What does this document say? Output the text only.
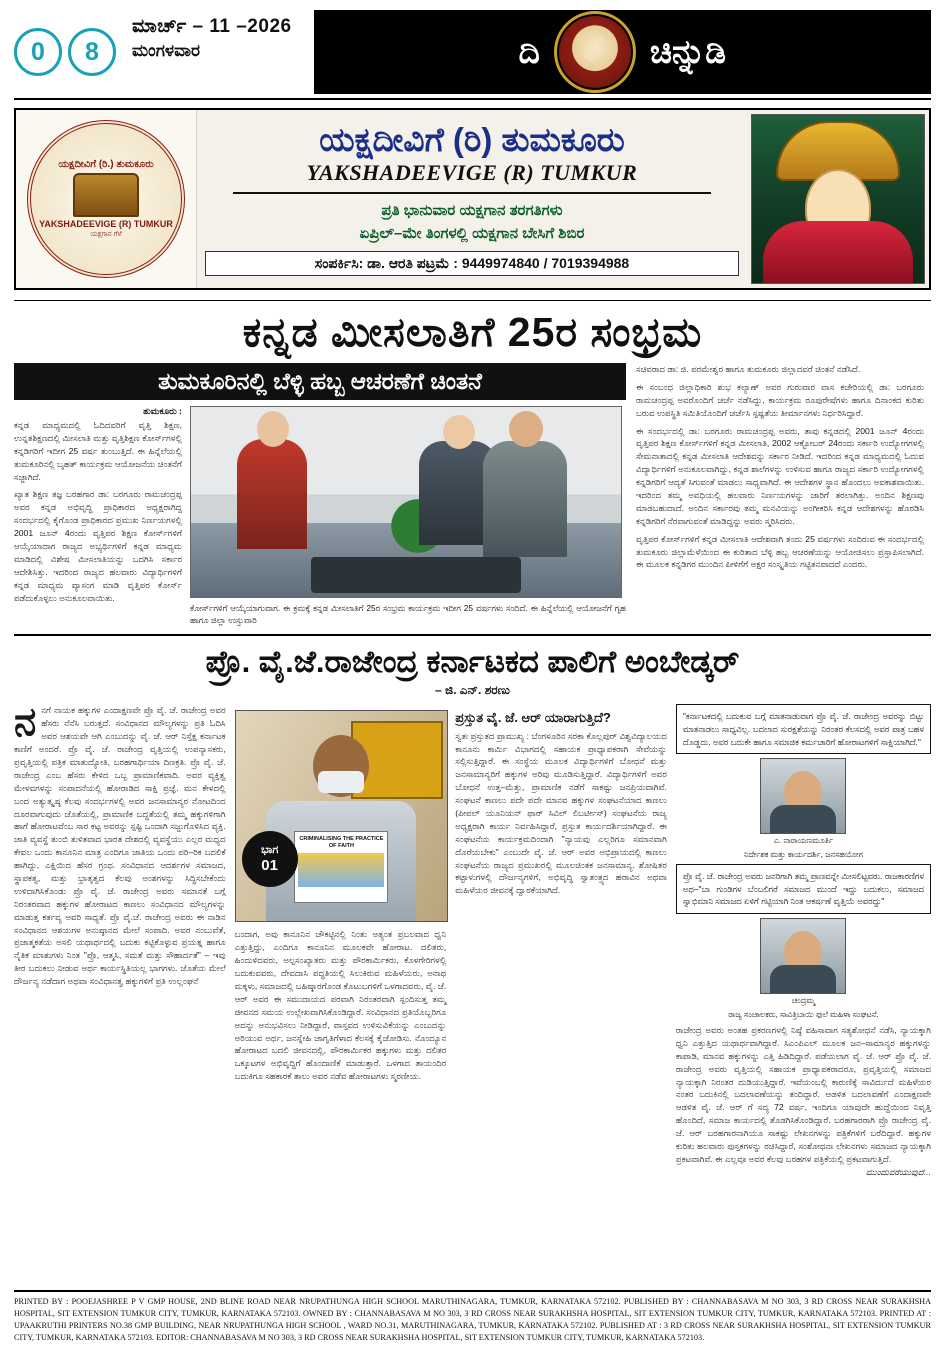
0	8
ಮಾರ್ಚ್ – 11 –2026
ಮಂಗಳವಾರ	ದಿ ✐ ಚಿನ್ನುಡಿ
ಯಕ್ಷದೀವಿಗೆ (ರಿ.) ತುಮಕೂರು
YAKSHADEEVIGE (R) TUMKUR
ಯಕ್ಷಗಾನ ಗೆಳೆ
ಯಕ್ಷದೀವಿಗೆ (ರಿ) ತುಮಕೂರು
YAKSHADEEVIGE (R) TUMKUR
ಪ್ರತಿ ಭಾನುವಾರ ಯಕ್ಷಗಾನ ತರಗತಿಗಳು
ಏಪ್ರಿಲ್–ಮೇ ತಿಂಗಳಲ್ಲಿ ಯಕ್ಷಗಾನ ಬೇಸಿಗೆ ಶಿಬಿರ
ಸಂಪರ್ಕಿಸಿ: ಡಾ. ಆರತಿ ಪಟ್ರಮೆ : 9449974840 / 7019394988
ಕನ್ನಡ ಮೀಸಲಾತಿಗೆ 25ರ ಸಂಭ್ರಮ
ತುಮಕೂರಿನಲ್ಲಿ ಬೆಳ್ಳಿ ಹಬ್ಬ ಆಚರಣೆಗೆ ಚಿಂತನೆ
ತುಮಕೂರು :
ಕನ್ನಡ ಮಾಧ್ಯಮದಲ್ಲಿ ಓದಿದವರಿಗೆ ವೃತ್ತಿ ಶಿಕ್ಷಣ, ಉನ್ನತಶಿಕ್ಷಣದಲ್ಲಿ ಮೀಸಲಾತಿ ಮತ್ತು ವೃತ್ತಿಶಿಕ್ಷಣ ಕೋರ್ಸ್‌ಗಳಲ್ಲಿ ಕನ್ನಡಿಗರಿಗೆ ಇದೀಗ 25 ವರ್ಷ ತುಂಬುತ್ತಿದೆ. ಈ ಹಿನ್ನೆಲೆಯಲ್ಲಿ ತುಮಕೂರಿನಲ್ಲಿ ಬೃಹತ್ ಕಾರ್ಯಕ್ರಮ ಆಯೋಜನೆಯ ಚಿಂತನೆಗೆ ಸಜ್ಜಾಗಿದೆ.
ಖ್ಯಾತ ಶಿಕ್ಷಣ ತಜ್ಞ ಬರಹಗಾರ ಡಾ: ಬರಗೂರು ರಾಮಚಂದ್ರಪ್ಪ ಅವರ ಕನ್ನಡ ಅಭಿವೃದ್ಧಿ ಪ್ರಾಧಿಕಾರದ ಅಧ್ಯಕ್ಷರಾಗಿದ್ದ ಸಂದರ್ಭದಲ್ಲಿ ಕೈಗೊಂಡ ಪ್ರಾಧಿಕಾರದ ಪ್ರಮುಖ ನಿರ್ಣಯಗಳಲ್ಲಿ 2001 ಜೂನ್ 4ರಂದು ವೃತ್ತಿಪರ ಶಿಕ್ಷಣ ಕೋರ್ಸ್‌ಗಳಿಗೆ ಆಯ್ಕೆಯಾದಾಗ ರಾಜ್ಯದ ಅಭ್ಯರ್ಥಿಗಳಿಗೆ ಕನ್ನಡ ಮಾಧ್ಯಮ ಮಾಡಿದಲ್ಲಿ ವಿಶೇಷ ಮೀಸಲಾತಿಯನ್ನು ಒದಗಿಸಿ ಸರ್ಕಾರ ಆದೇಶಿಸಿತ್ತು. ಇದರಿಂದ ರಾಜ್ಯದ ಹಲವಾರು ವಿದ್ಯಾರ್ಥಿಗಳಿಗೆ ಕನ್ನಡ ಮಾಧ್ಯಮ ವ್ಯಾಸಂಗ ಮಾಡಿ ವೃತ್ತಿಪರ ಕೋರ್ಸ್ ಪಡೆದುಕೊಳ್ಳಲು ಅನುಕೂಲವಾಯಿತು.
ಕೋರ್ಸ್‌ಗಳಿಗೆ ಆಯ್ಕೆಯಾಗುವಾಗ. ಈ ಕ್ರಮಕ್ಕೆ ಕನ್ನಡ ಮೀಸಲಾತಿಗೆ 25ರ ಸಂಭ್ರಮ ಕಾರ್ಯಕ್ರಮ ಇದೀಗ 25 ವರ್ಷಗಳು ಸಂದಿದೆ. ಈ ಹಿನ್ನೆಲೆಯಲ್ಲಿ ಆಯೋಜನೆಗೆ ಗೃಹ ಹಾಗೂ ಜಿಲ್ಲಾ ಉಸ್ತುವಾರಿ
ಸಚಿವರಾದ ಡಾ: ಜಿ. ಪರಮೇಶ್ವರ ಹಾಗೂ ತುಮಕೂರು ಜಿಲ್ಲಾದವರೆ ಚಿಂತನೆ ನಡೆಸಿದೆ.
ಈ ಸಂಬಂಧ ಜಿಲ್ಲಾಧಿಕಾರಿ ಶುಭ ಕಲ್ಯಾಣ್ ಅವರ ಗುರುವಾರ ವಾಸ ಕಚೇರಿಯಲ್ಲಿ ಡಾ: ಬರಗೂರು ರಾಮಚಂದ್ರಪ್ಪ ಅವರೊಂದಿಗೆ ಚರ್ಚೆ ನಡೆಸಿದ್ದು, ಕಾರ್ಯಕ್ರಮ ರೂಪುರೇಷೆಗಳು ಹಾಗೂ ದಿನಾಂಕದ ಕುರಿತು ಬರುವ ಉಪಸ್ಥಿತಿ ಸಮಿತಿಯೊಂದಿಗೆ ಚರ್ಚೆಸಿ ಸ್ಪಷ್ಟತೆಯ ತೀರ್ಮಾನಗಳು ನಿರ್ಧರಿಸಿದ್ದಾರೆ.
ಈ ಸಂದರ್ಭದಲ್ಲಿ ಡಾ: ಬರಗೂರು ರಾಮಚಂದ್ರಪ್ಪ ಅವರು, ತಾವು ಕನ್ನಡದಲ್ಲಿ 2001 ಜೂನ್ 4ರಂದು ವೃತ್ತಿಪರ ಶಿಕ್ಷಣ ಕೋರ್ಸ್‌ಗಳಿಗೆ ಕನ್ನಡ ಮೀಸಲಾತಿ, 2002 ಆಕ್ಟೋಬರ್ 24ರಂದು ಸರ್ಕಾರಿ ಉದ್ಯೋಗಗಳಲ್ಲಿ ಸೇಮನಾತಾದಲ್ಲಿ ಕನ್ನಡ ಮೀಸಲಾತಿ ಆದೇಶವನ್ನು ಸರ್ಕಾರ ನೀಡಿದೆ. ಇದರಿಂದ ಕನ್ನಡ ಮಾಧ್ಯಮದಲ್ಲಿ ಓದುವ ವಿದ್ಯಾರ್ಥಿಗಳಿಗೆ ಅನುಕೂಲವಾಗಿದ್ದು, ಕನ್ನಡ ಶಾಲೆಗಳನ್ನು ಉಳಿಸುವ ಹಾಗೂ ರಾಜ್ಯದ ಸರ್ಕಾರಿ ಉದ್ಯೋಗಗಳಲ್ಲಿ ಕನ್ನಡಿಗರಿಗೆ ಆದ್ಯತೆ ಸಿಗುವಂತೆ ಮಾಡಲು ಸಾಧ್ಯವಾಗಿದೆ. ಈ ಆದೇಶಗಳ ಸ್ಥಾನ ಹೊಂದಲು ಅವಕಾಶವಾಯಿತು. ಇದರಿಂದ ತಮ್ಮ ಅವಧಿಯಲ್ಲಿ ಹಲವಾರು ನಿರ್ಣಯಗಳನ್ನು ಜಾರಿಗೆ ತರಲಾಗಿತ್ತು. ಅಂದಿನ ಶಿಕ್ಷಣವು ಮಾಡಬಹುದಾದೆ. ಅಂದಿನ ಸರ್ಕಾರವು ತಮ್ಮ ಮನವಿಯನ್ನು ಅಂಗೀಕರಿಸಿ ಕನ್ನಡ ಆದೇಶಗಳನ್ನು ಹೊರಡಿಸಿ ಕನ್ನಡಿಗರಿಗೆ ನೆರವಾಗುವಂತೆ ಮಾಡಿದ್ದನ್ನು ಅವರು ಸ್ಮರಿಸಿದರು.
ವೃತ್ತಿಪರ ಕೋರ್ಸ್‌ಗಳಿಗೆ ಕನ್ನಡ ಮೀಸಲಾತಿ ಆದೇಶವಾಗಿ ತಂದು 25 ವರ್ಷಗಳು ಸಂದಿರುವ ಈ ಸಂದರ್ಭದಲ್ಲಿ ತುಮಕೂರು ಜಿಲ್ಲಾಮೆಳೆಯಿಂದ ಈ ಕುರಿತಾದ ಬೆಳ್ಳಿ ಹಬ್ಬ ಆಚರಣೆಯನ್ನು ಆಯೋಜಿಸಲು ಪ್ರಸ್ತಾಪಿಸಲಾಗಿದೆ. ಈ ಮೂಲಕ ಕನ್ನಡಿಗರ ಮುಂದಿನ ಪೀಳಿಗೆಗೆ ಅಕ್ಷರ ಸಂಸ್ಕೃತಿಯ ಗಟ್ಟಿತನವಾದದೆ ಎಂದರು.
ಪ್ರೊ. ವೈ.ಜೆ.ರಾಜೇಂದ್ರ ಕರ್ನಾಟಕದ ಪಾಲಿಗೆ ಅಂಬೇಡ್ಕರ್
– ಜಿ. ಎನ್. ಶರಣು
ನನಗೆ ನಾಯಕ ಹಕ್ಕುಗಳ ಎಂದಾಕ್ಷಣವೇ ಪ್ರೊ ವೈ. ಜೆ. ರಾಜೇಂದ್ರ ಅವರ ಹೆಸರು ನೆನೆಸಿ ಬರುತ್ತದೆ. ಸಂವಿಧಾನದ ಮೌಲ್ಯಗಳನ್ನು ಪ್ರತಿ ಓದಿಸಿ ಅವರ ಆಶಯವೇ ಆಗಿ ಎಂಬುದನ್ನು ವೈ. ಜೆ. ಆರ್ ನಿಸ್ತೆಕ್ಷ ಕರ್ನಾಟಕ ಕಾಣಿಗೆ ಅಂದರೆ. ಪ್ರೊ ವೈ. ಜೆ. ರಾಜೇಂದ್ರ ವೃತ್ತಿಯಲ್ಲಿ ಉಪನ್ಯಾಸಕರು, ಪ್ರವೃತ್ತಿಯಲ್ಲಿ ಪತ್ರಿಕ ಮಾತುದ್ಯೋತಿ, ಬರಹಗಾರ್ಥಿಯಾ ದಿಣಕ್ರತಿ. ಪ್ರೊ ವೈ. ಜೆ. ರಾಜೇಂದ್ರ ಎಂಬ ಹೆಸರು ಕೇಳಿದ ಒಬ್ಬ ಪ್ರಾಮಾಣಿಕವಾದಿ. ಅವರ ವ್ಯಕ್ತಿತ್ವ ಮೇಳವಗಳನ್ನು ಸಂಪಾದನೆಯಲ್ಲಿ ಹೋರಾಡಿದ ಸಾಕ್ಷಿ ಪ್ರಜ್ಞೆ. ಮನ ಕೇಳದಲ್ಲಿ ಬಂದ ಅತ್ಯುತ್ಕೃಷ್ಠ ಕೆಲವು ಸಂದರ್ಭಗಳಲ್ಲಿ ಅವರ ಜನಸಾಮಾನ್ಯರ ನೋಟದಿಂದ ದೂರವಾಗುವುದು ಜೊತೆಯಲ್ಲಿ, ಪ್ರಾಮಾಣಿಕ ಬದ್ಧತೆಯಲ್ಲಿ ತಮ್ಮ ಹಕ್ಕುಗಳಿಗಾಗಿ ಹಾಗೆ ಹೋರಾಟವೆಂಬ ಸಾರ ಕಟ್ಟ ಅವರನ್ನು ಸ್ಪಷ್ಟಿ ಒಂದಾಗಿ ಸಜ್ಜುಗೊಳಿಸಿದ ವ್ಯಕ್ತಿ. ಜಾತಿ ವ್ಯವಸ್ಥೆ ತುಂಬಿ ತುಳಿತವಾದ ಭಾರತ ದೇಶದಲ್ಲಿ ವ್ಯವಸ್ಥೆಯು ಎಲ್ಲರ ಮಧ್ಯದ ಕೇವಲ ಒಂದು ಕಾನೂನಿನ ಮಾತ್ರ ಎಂದಿಗೂ ಜಾತಿಯ ಒಂದು ಪರಿ–ರಿಕ ಬದಲಿಕೆ ಹಾಗಿದ್ದು, ಎಕ್ಷಿಯಿದ ಹೆಸರ ಗ್ರಂಥ. ಸಂವಿಧಾನದ ಆದರ್ಶಗಳ ಸಮಾಜದ, ಸ್ಥಾಪಕತ್ವ, ಮತ್ತು ಭ್ರಾತೃತ್ವದ ಕೆಲವು ಅಂಶಗಳನ್ನು ಸಿದ್ಧಿಸಬೇಕೆಂದು ಉಳಿದಾಗಿಸಿಕೊಂಡು ಪ್ರೊ ವೈ. ಜೆ. ರಾಜೇಂದ್ರ ಅವರು ಸಮಾನತೆ ಬಗ್ಗೆ ನಿರಂತರವಾದ ಹಕ್ಕುಗಳ ಹೋರಾಟದ ಕಾಣಲು ಸಂವಿಧಾನದ ಮೌಲ್ಯಗಳನ್ನು ಮಾಡುತ್ತ ಕರ್ತವ್ಯ ಅವರಿ ಸಾಧ್ಯತೆ. ಪ್ರೊ ವೈ.ಜೆ. ರಾಜೇಂದ್ರ ಅವರು ಈ ನಾಡಿನ ಸಂವಿಧಾನದ ಆಶಯಗಳ ಅನುಷ್ಠಾನದ ಮೇಲೆ ಸಂಪಾದಿ. ಅವರ ನಂಬುವೆತೆ, ಪ್ರಜಾತ್ಮಕತೆಯ ಅಸಲಿ ಯಥಾರ್ಥದಲ್ಲಿ ಬದುಕು ಕಟ್ಟಿಕೊಳ್ಳುವ ಪ್ರಯತ್ನ ಹಾಗೂ ನೈತಿಕ ಮಾತುಗಳು ನಿಂತ "ಪ್ರೊ, ಆತ್ಮಸಿ, ಸಮತೆ ಮತ್ತು ಸೌಹಾರ್ದತೆ" – ಇವು ತೀರ ಬದುಕಲು ನೀಡುವ ಅರ್ಥ ಕಾರ್ಯಸ್ಥಿತಿಯಲ್ಲ ಭಾಗಗಳು. ಜೊತೆಯ ಮೇಲೆ ದೌರ್ಜನ್ಯ ನಡೆದಾಗ ಅಥವಾ ಸಂವಿಧಾನತ್ವ ಹಕ್ಕುಗಳಿಗೆ ಪ್ರತಿ ಉಲ್ಲಂಘನೆ
CRIMINALISING THE PRACTICE OF FAITH
ಭಾಗ
01
ಬಂದಾಗ, ಅವು ಕಾನೂನಿನ ಚೌಕಟ್ಟಿನಲ್ಲಿ ನಿಂತು ಅತ್ಯಂತ ಪ್ರಬಲವಾದ ಧ್ವನಿ ಎತ್ತುತ್ತಿದ್ದು, ಎಂದಿಗೂ ಕಾನೂನಿನ ಮೂಲಕವೇ ಹೋರಾಟ. ದಲಿತರು, ಹಿಂದುಳಿದವರು, ಅಲ್ಪಸಂಖ್ಯಾತರು ಮತ್ತು ಪೌರಕಾರ್ಮಿಕರು, ಕೊಳಗೇರಿಗಳಲ್ಲಿ ಬದುಕುವವರು, ದೇವದಾಸಿ ಪದ್ಧತಿಯಲ್ಲಿ ಸಿಲುಕಿರುವ ಮಹಿಳೆಯರು, ಅನಾಥ ಮಕ್ಕಳು, ಸಮಾಜದಲ್ಲಿ ಬಹಿಷ್ಕಾರಗೊಂಡ ಕೊಟುಬಗಳಿಗೆ ಒಳಗಾದವರು, ವೈ. ಜೆ. ಆರ್ ಅವರ ಈ ಸಮುದಾಯದ ಪರವಾಗಿ ನಿರಂತರವಾಗಿ ಸ್ಪಂದಿಸುತ್ತ ತಮ್ಮ ಜೀವನದ ಸಮಯ ಉಲ್ಲೇಖವಾಗಿಸಿಕೊಂಡಿದ್ದಾರೆ. ಸಂವಿಧಾನದ ಪ್ರತಿಯೊಬ್ಬರಿಗೂ ಅದನ್ನು ಅನುಭವಿಸಲು ನೀಡಿದ್ದಾರೆ, ವಾಸ್ತವದ ಉಳಿಸುವಿಕೆಯನ್ನು ಎಂಬುದನ್ನು ಅರಿಯುವ ಅರ್ಥ, ಜನಸ್ನೇಹಿ ಜಾಗೃತಿಗೆಳಾದ ಕೆಲಸಕ್ಕೆ ಕೈಜೋಡಿಸು. ನೊಂದ್ಯೂನ ಹೋರಾಟದ ಬದಲಿ ಜೀವನದಲ್ಲಿ, ಪೌರಕಾರ್ಮಿಕರ ಹಕ್ಕುಗಳು ಮತ್ತು ದಲಿತರ ಒಕ್ಕೂಟಗಳ ಅಭಿವೃದ್ಧಿಗೆ ಹೊಂದಾಣಿಕೆ ಮಾಡುತ್ತಾರೆ. ಒಳಗಾದ ತಾಯಂದಿರ ಬದುಕಿಗೂ ಸಹಕಾರಕೆ ತಾಲು ಅವರ ನಡೆವ ಹೋರಾಟಗಳು ಸ್ಮರಣೀಯ.
ಪ್ರಸ್ತುತ ವೈ. ಜೆ. ಆರ್ ಯಾರಾಗುತ್ತಿದೆ?
ಸ್ವತಃ ಪ್ರಸ್ತುತದ ಪ್ರಾಮುಖ್ಯ : ಬೆಂಗಳೂರಿನ ಸರಕಾ ಕೊಲ್ಲಪುರ್ ವಿಶ್ವವಿದ್ಯಾಲಯದ ಕಾನೂನು ಕಾರ್ಮಿ ವಿಭಾಗದಲ್ಲಿ ಸಹಾಯಕ ಪ್ರಾಧ್ಯಾಪಕರಾಗಿ ಸೇವೆಯನ್ನು ಸಲ್ಲಿಸುತ್ತಿದ್ದಾರೆ. ಈ ಸಂಸ್ಥೆಯ ಮೂಲಕ ವಿದ್ಯಾರ್ಥಿಗಳಿಗೆ ಬೋಧನೆ ಮತ್ತು ಜನಸಾಮಾನ್ಯರಿಗೆ ಹಕ್ಕುಗಳ ಅರಿವು ಮೂಡಿಸುತ್ತಿದ್ದಾರೆ. ವಿದ್ಯಾರ್ಥಿಗಳಿಗೆ ಅವರ ಬೋಧನೆ ಉತ್ತ–ಮೆತ್ತು, ಪ್ರಾಮಾಣಿಕ ನಡೆಗೆ ಸಾಕಷ್ಟು ಜನಪ್ರಿಯವಾಗಿವೆ. ಸಂಘಟನೆ ಕಾಣಲು ಪದೇ ಪದೇ ಮಾನವ ಹಕ್ಕುಗಳ ಸಂಘಟನೆಯಾದ ಕಾಣಲು (ಪೀಪಲ್ ಯೂನಿಯನ್ ಫಾರ್ ಸಿವಿಲ್ ಲಿಬರ್ಟೀಸ್) ಸಂಘಟನೆಯ ರಾಜ್ಯ ಅಧ್ಯಕ್ಷರಾಗಿ ಕಾರ್ಯ ನಿರ್ವಹಿಸಿದ್ದಾರೆ, ಪ್ರಸ್ತುತ ಕಾರ್ಯದರ್ಶಿಯಾಗಿದ್ದಾರೆ. ಈ ಸಂಘಟನೆಯ ಕಾರ್ಯಕ್ರಮದಿಂದಾಗಿ "ನ್ಯಾಯವು ಎಲ್ಲರಿಗೂ ಸಮಾನವಾಗಿ ದೊರೆಯಬೇಕು" ಎಂಬುದೇ ವೈ. ಜೆ. ಆರ್ ಅವರ ಅಭಿಪ್ರಾಯದಲ್ಲಿ ಕಾಣಲು ಸಂಘಟನೆಯ ರಾಜ್ಯದ ಪ್ರಮುಖರಲ್ಲಿ ಮೂಲಚಿಂತಕ ಜನಸಾಮಾನ್ಯ. ಶೋಷಿತರ ಕಟ್ಟಾಳುಗಳಲ್ಲಿ ದೌರ್ಜನ್ಯಗಳಿಗೆ, ಅಭಿವೃದ್ಧಿ ಸ್ವಾತಂತ್ರ್ಯದ ಹರಾವಿನ ಅಥವಾ ಮಹಿಳೆಯರ ಜೀವನಕ್ಕೆ ದ್ವಾರಕೆಯಾಗಿದೆ.
"ಕರ್ನಾಟಕದಲ್ಲಿ ಬದುಕುವ ಬಗ್ಗೆ ಮಾತನಾಡುವಾಗ ಪ್ರೊ ವೈ. ಜೆ. ರಾಜೇಂದ್ರ ಅವರನ್ನು ಬಿಟ್ಟು ಮಾತನಾಡಲು ಸಾಧ್ಯವಿಲ್ಲ. ಬದಲಾದ ಸುರಕ್ಷತೆಯನ್ನು ನಿರಂತರ ಕೆಲಸದಲ್ಲಿ ಅವರ ಪಾತ್ರ ಬಹಳ ದೊಡ್ಡದು. ಅವರ ಬದುಕೇ ಹಾಗೂ ಸಮಾಜಿಕ ಕರ್ಮಚಾರಿಗೆ ಹೋರಾಟಗಳಿಗೆ ಸಾಕ್ಷಿಯಾಗಿದೆ."
ಎ. ನಾರಾಯಣಮೂರ್ತಿ
ನಿರ್ದೇಶಕ ಮತ್ತು ಕಾರ್ಯದರ್ಶಿ, ಜನಸಹಯೋಗ
ಪ್ರೊ ವೈ. ಜೆ. ರಾಜೇಂದ್ರ ಅವರು ಜನರಿಗಾಗಿ ತಮ್ಮ ಪ್ರಾಣವನ್ನೇ ಮೀಸಲಿಟ್ಟವರು. ರಾಜಕಾರಣಿಗಳ ಅಥ–"ಬಾ ಗುಂಡಿಗಳ ಬೆಂಬಲಿಗರೆ ಸಮಾಜದ ಮುಂದೆ ಇದ್ದು ಬದುಕಲು, ಸಮಾಜದ ಸ್ವಾಭಿಮಾನಿ ಸಮಾಜದ ಏಳಿಗೆ ಗಟ್ಟಿಯಾಗಿ ನಿಂತ ಆಕರ್ಷಣೆ ವೃತ್ತಿಯೆ ಅವರದ್ದು"
ಚಂದ್ರಮ್ಮ
ರಾಜ್ಯ ಸಂಚಾಲಕರು, ಸಾವಿತ್ರಿಬಾಯಿ ಫುಲೆ ಮಹಿಳಾ ಸಂಘಟನೆ.
ರಾಜೇಂದ್ರ ಅವರು ಅಂತಹ ಪ್ರಕರಣಗಳಲ್ಲಿ ನಿಷ್ಠೆ ವಹಿಸಾವಾಗ ಸತ್ಯಶೋಧನೆ ನಡೆಸಿ, ನ್ಯಾಯಕ್ಕಾಗಿ ಧ್ವನಿ ಎತ್ತುತ್ತಿದ ಯಥಾರ್ಥವಾಗಿದ್ದಾರೆ. ಸಿಎಂಪಿಎಲ್ ಮೂಲಕ ಜನ–ಸಾಮಾನ್ಯರ ಹಕ್ಕುಗಳನ್ನು ಕಾಪಾಡಿ, ಮಾನವ ಹಕ್ಕುಗಳನ್ನು ಎತ್ತಿ ಹಿಡಿದಿದ್ದಾರೆ. ಪಡೆಯಲಾಗ ವೈ. ಜೆ. ಆರ್ ಪ್ರೊ ವೈ. ಜೆ. ರಾಜೇಂದ್ರ ಅವರು ವೃತ್ತಿಯಲ್ಲಿ ಸಹಾಯಕ ಪ್ರಾಧ್ಯಾಪಕರಾದರೂ, ಪ್ರವೃತ್ತಿಯಲ್ಲಿ ಸಮಾಜದ ನ್ಯಾಯಕ್ಕಾಗಿ ನಿರಂತರ ದುಡಿಯುತ್ತಿದ್ದಾರೆ. ಇವೆಯಂಬಲ್ಲಿ ಕಾರುಣಿಕ್ಕೆ ಸಾವಿರ್ದುದೆ ಮಹಿಳೆಯರ ನಂತರ ಬದುಕಿನಲ್ಲಿ ಬದಲಾವಣೆಯನ್ನು ತಂದಿದ್ದಾರೆ. ಆಡಳಿತ ಬದಲಾವಣೆಗೆ ಎಂದಾಕ್ಷಣವೇ ಆಡಳಿತ ವೈ. ಜೆ. ಆರ್ ಗೆ ಸದ್ಯ 72 ವರ್ಷ, ಇಂದಿಗೂ ಯಾವುದೇ ಹುದ್ದೆಯಿಂದ ನಿವೃತ್ತಿ ಹೊಂದಿದೆ, ಸಮಾಜ ಕಾರ್ಯದಲ್ಲಿ ತೊಡಗಿಸಿಕೊಂಡಿದ್ದಾರೆ. ಬರಹಗಾರರಾಗಿ ಪ್ರೊ ರಾಜೇಂದ್ರ ವೈ. ಜೆ. ಆರ್ ಬರಹಗಾರನಾಗಿಯೂ ಸಾಕಷ್ಟು ಲೇಖನಗಳನ್ನು ಪತ್ರಿಕೆಗಳಿಗೆ ಬರೆದಿದ್ದಾರೆ. ಹಕ್ಕುಗಳ ಕುರಿತು ಹಲವಾರು ಪುಸ್ತಕಗಳನ್ನು ರಚಿಸಿದ್ದಾರೆ, ಸಂಶೋಧನಾ ಲೇಖನಗಳು ಸಮಾಜದ ನ್ಯಾಯಕ್ಕಾಗಿ ಪ್ರಕಟವಾಗಿವೆ. ಈ ಎಲ್ಲವೂ ಅವರ ಕೆಲವು ಬರಹಗಳ ಪತ್ರಿಕೆಯಲ್ಲಿ ಪ್ರಕಟವಾಗುತ್ತಿದೆ.
ಮುಂದುವರೆಯುವುದೆ...
PRINTED BY : POOEJASHREE P V GMP HOUSE, 2ND BLINE ROAD NEAR NRUPATHUNGA HIGH SCHOOL MARUTHINAGARA, TUMKUR, KARNATAKA 572102. PUBLISHED BY : CHANNABASAVA M NO 303, 3 RD CROSS NEAR SURAKHSHA HOSPITAL, SIT EXTENSION TUMKUR CITY, TUMKUR, KARNATAKA 572103. OWNED BY : CHANNABASAVA M NO 303, 3 RD CROSS NEAR SURAKHSHA HOSPITAL, SIT EXTENSION TUMKUR CITY, TUMKUR, KARNATAKA 572103. PRINTED AT : UPAAKRUTHI PRINTERS NO.38 GMP BUILDING, NEAR NRUPATHUNGA HIGH SCHOOL , WARD NO.31, MARUTHINAGARA, TUMKUR, KARNATAKA 572102. PUBLISHED AT : 3 RD CROSS NEAR SURAKHSHA HOSPITAL, SIT EXTENSION TUMKUR CITY, TUMKUR, KARNATAKA 572103. EDITOR: CHANNABASAVA M NO 303, 3 RD CROSS NEAR SURAKHSHA HOSPITAL, SIT EXTENSION TUMKUR CITY, TUMKUR, KARNATAKA 572103.
